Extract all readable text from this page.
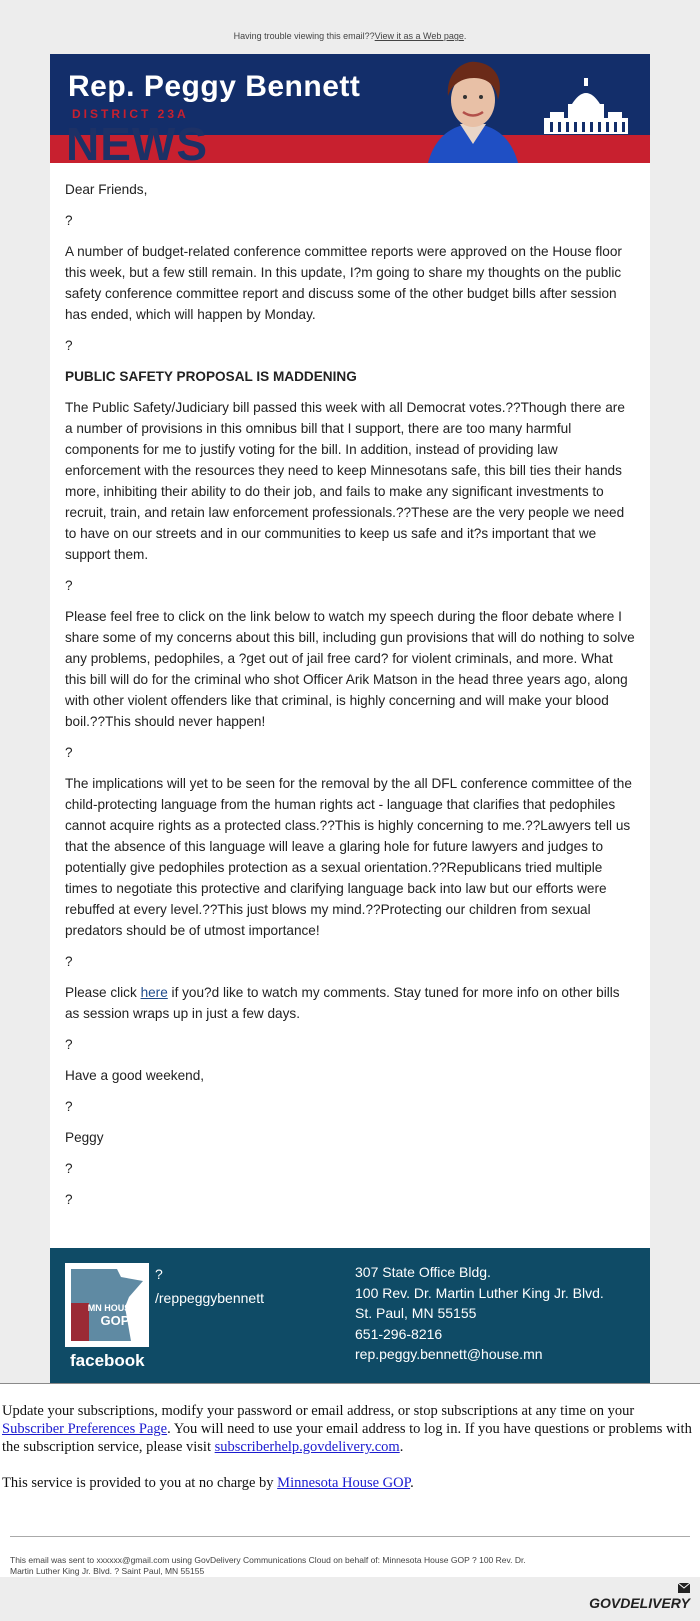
Having trouble viewing this email??View it as a Web page.
NEWS
Rep. Peggy Bennett
DISTRICT 23A

Dear Friends,

?

A number of budget-related conference committee reports were approved on the House floor this week, but a few still remain. In this update, I?m going to share my thoughts on the public safety conference committee report and discuss some of the other budget bills after session has ended, which will happen by Monday.

?

PUBLIC SAFETY PROPOSAL IS MADDENING

The Public Safety/Judiciary bill passed this week with all Democrat votes.??Though there are a number of provisions in this omnibus bill that I support, there are too many harmful components for me to justify voting for the bill. In addition, instead of providing law enforcement with the resources they need to keep Minnesotans safe, this bill ties their hands more, inhibiting their ability to do their job, and fails to make any significant investments to recruit, train, and retain law enforcement professionals.??These are the very people we need to have on our streets and in our communities to keep us safe and it?s important that we support them.

?

Please feel free to click on the link below to watch my speech during the floor debate where I share some of my concerns about this bill, including gun provisions that will do nothing to solve any problems, pedophiles, a ?get out of jail free card? for violent criminals, and more. What this bill will do for the criminal who shot Officer Arik Matson in the head three years ago, along with other violent offenders like that criminal, is highly concerning and will make your blood boil.??This should never happen!

?

The implications will yet to be seen for the removal by the all DFL conference committee of the child-protecting language from the human rights act - language that clarifies that pedophiles cannot acquire rights as a protected class.??This is highly concerning to me.??Lawyers tell us that the absence of this language will leave a glaring hole for future lawyers and judges to potentially give pedophiles protection as a sexual orientation.??Republicans tried multiple times to negotiate this protective and clarifying language back into law but our efforts were rebuffed at every level.??This just blows my mind.??Protecting our children from sexual predators should be of utmost importance!

?

Please click here if you?d like to watch my comments. Stay tuned for more info on other bills as session wraps up in just a few days.

?

Have a good weekend,

?

Peggy

?

?

MN HOUSE
GOP
facebook
?
/reppeggybennett
307 State Office Bldg.
100 Rev. Dr. Martin Luther King Jr. Blvd.
St. Paul, MN 55155
651-296-8216
rep.peggy.bennett@house.mn

Update your subscriptions, modify your password or email address, or stop subscriptions at any time on your Subscriber Preferences Page. You will need to use your email address to log in. If you have questions or problems with the subscription service, please visit subscriberhelp.govdelivery.com.

This service is provided to you at no charge by Minnesota House GOP.

This email was sent to xxxxxx@gmail.com using GovDelivery Communications Cloud on behalf of: Minnesota House GOP ? 100 Rev. Dr. Martin Luther King Jr. Blvd. ? Saint Paul, MN 55155
GOVDELIVERY
